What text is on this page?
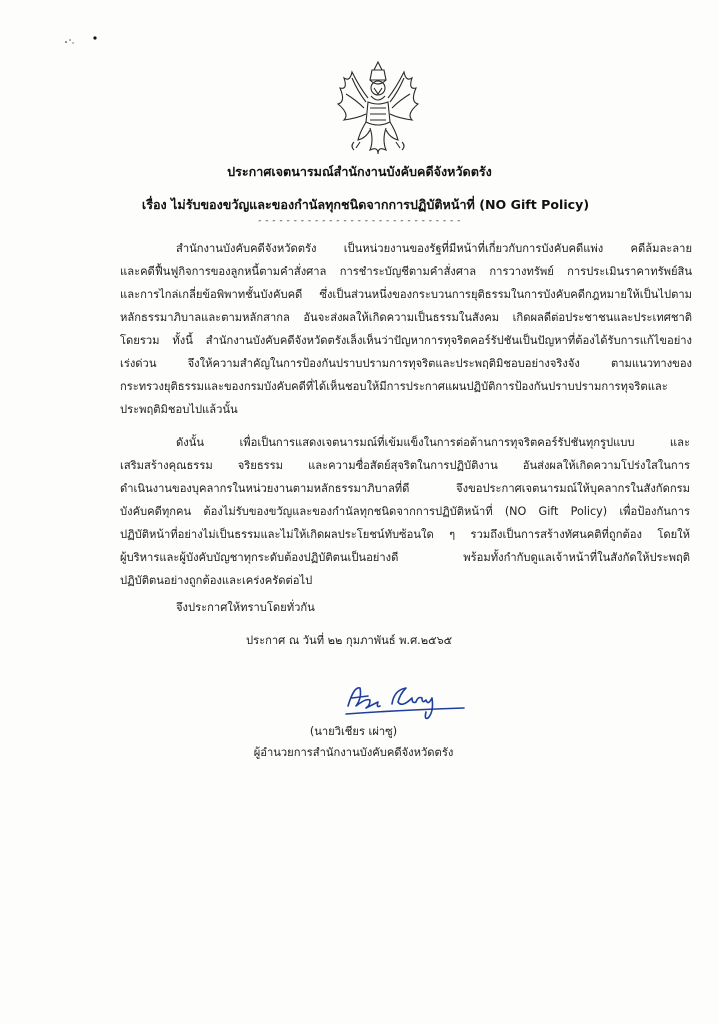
ประกาศเจตนารมณ์สำนักงานบังคับคดีจังหวัดตรัง
เรื่อง ไม่รับของขวัญและของกำนัลทุกชนิดจากการปฏิบัติหน้าที่ (NO Gift Policy)
- - - - - - - - - - - - - - - - - - - - - - - - - - - - -
สำนักงานบังคับคดีจังหวัดตรัง เป็นหน่วยงานของรัฐที่มีหน้าที่เกี่ยวกับการบังคับคดีแพ่ง คดีล้มละลาย
และคดีฟื้นฟูกิจการของลูกหนี้ตามคำสั่งศาล การชำระบัญชีตามคำสั่งศาล การวางทรัพย์ การประเมินราคาทรัพย์สิน
และการไกล่เกลี่ยข้อพิพาทชั้นบังคับคดี ซึ่งเป็นส่วนหนึ่งของกระบวนการยุติธรรมในการบังคับคดีกฎหมายให้เป็นไปตาม
หลักธรรมาภิบาลและตามหลักสากล อันจะส่งผลให้เกิดความเป็นธรรมในสังคม เกิดผลดีต่อประชาชนและประเทศชาติ
โดยรวม ทั้งนี้ สำนักงานบังคับคดีจังหวัดตรังเล็งเห็นว่าปัญหาการทุจริตคอร์รัปชันเป็นปัญหาที่ต้องได้รับการแก้ไขอย่าง
เร่งด่วน จึงให้ความสำคัญในการป้องกันปราบปรามการทุจริตและประพฤติมิชอบอย่างจริงจัง ตามแนวทางของ
กระทรวงยุติธรรมและของกรมบังคับคดีที่ได้เห็นชอบให้มีการประกาศแผนปฏิบัติการป้องกันปราบปรามการทุจริตและ
ประพฤติมิชอบไปแล้วนั้น
ดังนั้น เพื่อเป็นการแสดงเจตนารมณ์ที่เข้มแข็งในการต่อต้านการทุจริตคอร์รัปชันทุกรูปแบบ และ
เสริมสร้างคุณธรรม จริยธรรม และความซื่อสัตย์สุจริตในการปฏิบัติงาน อันส่งผลให้เกิดความโปร่งใสในการ
ดำเนินงานของบุคลากรในหน่วยงานตามหลักธรรมาภิบาลที่ดี จึงขอประกาศเจตนารมณ์ให้บุคลากรในสังกัดกรม
บังคับคดีทุกคน ต้องไม่รับของขวัญและของกำนัลทุกชนิดจากการปฏิบัติหน้าที่ (NO Gift Policy) เพื่อป้องกันการ
ปฏิบัติหน้าที่อย่างไม่เป็นธรรมและไม่ให้เกิดผลประโยชน์ทับซ้อนใด ๆ รวมถึงเป็นการสร้างทัศนคติที่ถูกต้อง โดยให้
ผู้บริหารและผู้บังคับบัญชาทุกระดับต้องปฏิบัติตนเป็นอย่างดี พร้อมทั้งกำกับดูแลเจ้าหน้าที่ในสังกัดให้ประพฤติ
ปฏิบัติตนอย่างถูกต้องและเคร่งครัดต่อไป
จึงประกาศให้ทราบโดยทั่วกัน
ประกาศ ณ วันที่ ๒๒ กุมภาพันธ์ พ.ศ.๒๕๖๕
(นายวิเชียร เผ่าซู)
ผู้อำนวยการสำนักงานบังคับคดีจังหวัดตรัง
